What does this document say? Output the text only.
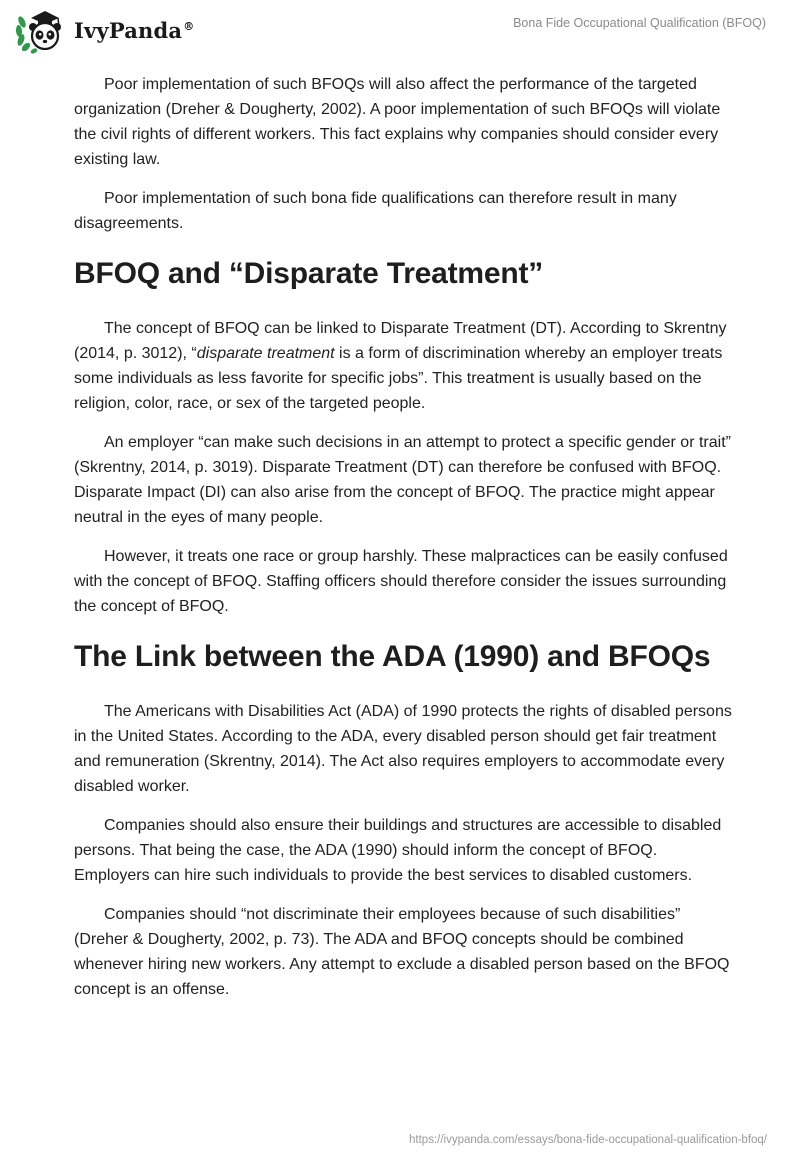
IvyPanda®	Bona Fide Occupational Qualification (BFOQ)

Poor implementation of such BFOQs will also affect the performance of the targeted organization (Dreher & Dougherty, 2002). A poor implementation of such BFOQs will violate the civil rights of different workers. This fact explains why companies should consider every existing law.

Poor implementation of such bona fide qualifications can therefore result in many disagreements.

BFOQ and “Disparate Treatment”

The concept of BFOQ can be linked to Disparate Treatment (DT). According to Skrentny (2014, p. 3012), “disparate treatment is a form of discrimination whereby an employer treats some individuals as less favorite for specific jobs”. This treatment is usually based on the religion, color, race, or sex of the targeted people.

An employer “can make such decisions in an attempt to protect a specific gender or trait” (Skrentny, 2014, p. 3019). Disparate Treatment (DT) can therefore be confused with BFOQ. Disparate Impact (DI) can also arise from the concept of BFOQ. The practice might appear neutral in the eyes of many people.

However, it treats one race or group harshly. These malpractices can be easily confused with the concept of BFOQ. Staffing officers should therefore consider the issues surrounding the concept of BFOQ.

The Link between the ADA (1990) and BFOQs

The Americans with Disabilities Act (ADA) of 1990 protects the rights of disabled persons in the United States. According to the ADA, every disabled person should get fair treatment and remuneration (Skrentny, 2014). The Act also requires employers to accommodate every disabled worker.

Companies should also ensure their buildings and structures are accessible to disabled persons. That being the case, the ADA (1990) should inform the concept of BFOQ. Employers can hire such individuals to provide the best services to disabled customers.

Companies should “not discriminate their employees because of such disabilities” (Dreher & Dougherty, 2002, p. 73). The ADA and BFOQ concepts should be combined whenever hiring new workers. Any attempt to exclude a disabled person based on the BFOQ concept is an offense.

https://ivypanda.com/essays/bona-fide-occupational-qualification-bfoq/
